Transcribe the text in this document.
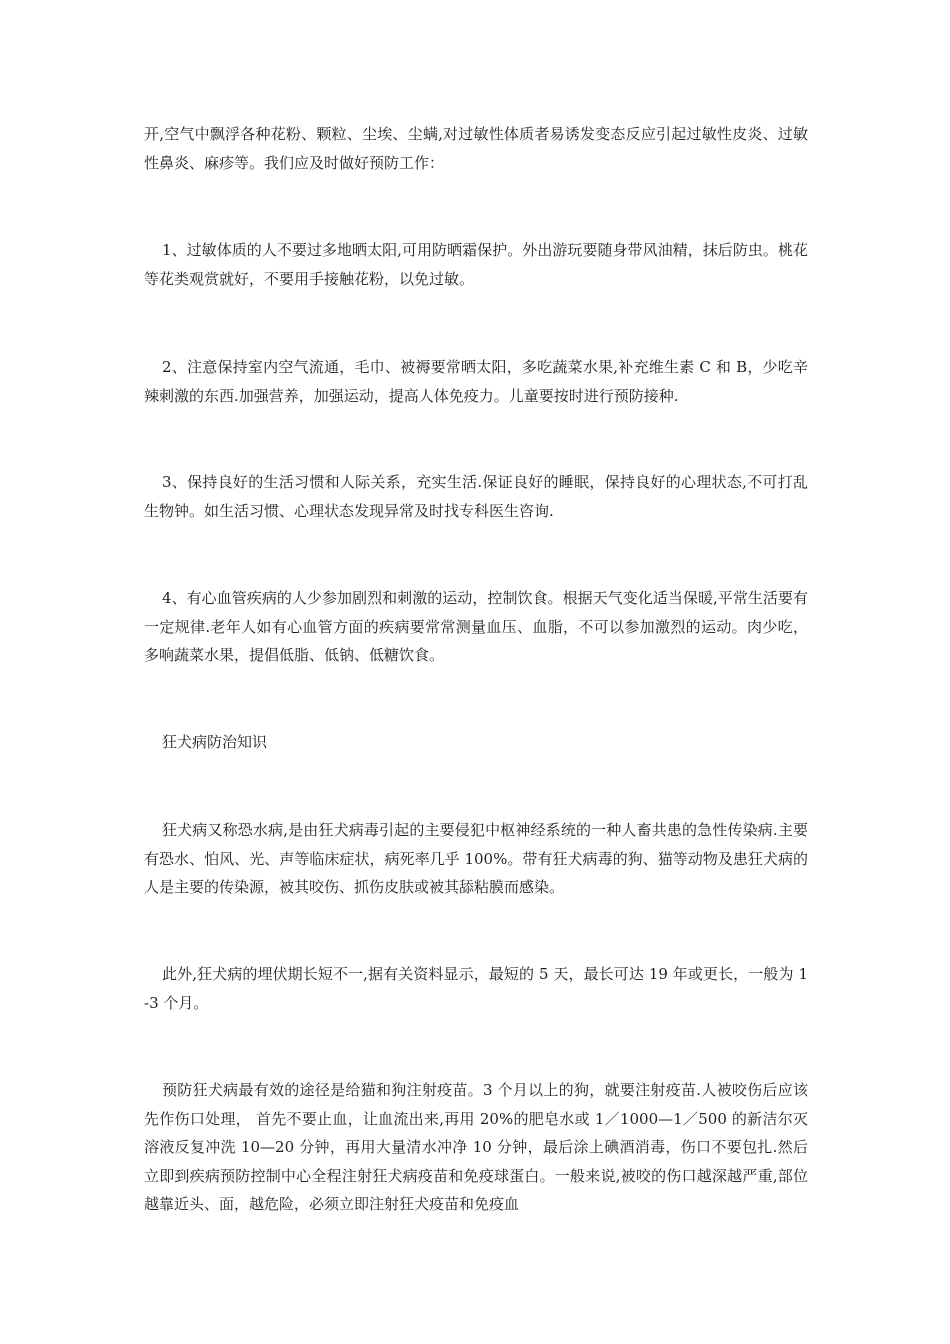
开,空气中飘浮各种花粉、颗粒、尘埃、尘螨,对过敏性体质者易诱发变态反应引起过敏性皮炎、过敏性鼻炎、麻疹等。我们应及时做好预防工作：

1、过敏体质的人不要过多地晒太阳,可用防晒霜保护。外出游玩要随身带风油精，抹后防虫。桃花等花类观赏就好，不要用手接触花粉，以免过敏。

2、注意保持室内空气流通，毛巾、被褥要常晒太阳，多吃蔬菜水果,补充维生素 C 和 B，少吃辛辣刺激的东西.加强营养，加强运动，提高人体免疫力。儿童要按时进行预防接种.

3、保持良好的生活习惯和人际关系，充实生活.保证良好的睡眠，保持良好的心理状态,不可打乱生物钟。如生活习惯、心理状态发现异常及时找专科医生咨询.

4、有心血管疾病的人少参加剧烈和刺激的运动，控制饮食。根据天气变化适当保暖,平常生活要有一定规律.老年人如有心血管方面的疾病要常常测量血压、血脂，不可以参加激烈的运动。肉少吃，多响蔬菜水果，提倡低脂、低钠、低糖饮食。

狂犬病防治知识

狂犬病又称恐水病,是由狂犬病毒引起的主要侵犯中枢神经系统的一种人畜共患的急性传染病.主要有恐水、怕风、光、声等临床症状，病死率几乎 100%。带有狂犬病毒的狗、猫等动物及患狂犬病的人是主要的传染源，被其咬伤、抓伤皮肤或被其舔粘膜而感染。

此外,狂犬病的埋伏期长短不一,据有关资料显示，最短的 5 天，最长可达 19 年或更长，一般为 1-3 个月。

预防狂犬病最有效的途径是给猫和狗注射疫苗。3 个月以上的狗，就要注射疫苗.人被咬伤后应该先作伤口处理， 首先不要止血，让血流出来,再用 20%的肥皂水或 1／1000—1／500 的新洁尔灭溶液反复冲洗 10—20 分钟，再用大量清水冲净 10 分钟，最后涂上碘酒消毒，伤口不要包扎.然后立即到疾病预防控制中心全程注射狂犬病疫苗和免疫球蛋白。一般来说,被咬的伤口越深越严重,部位越靠近头、面，越危险，必须立即注射狂犬疫苗和免疫血
